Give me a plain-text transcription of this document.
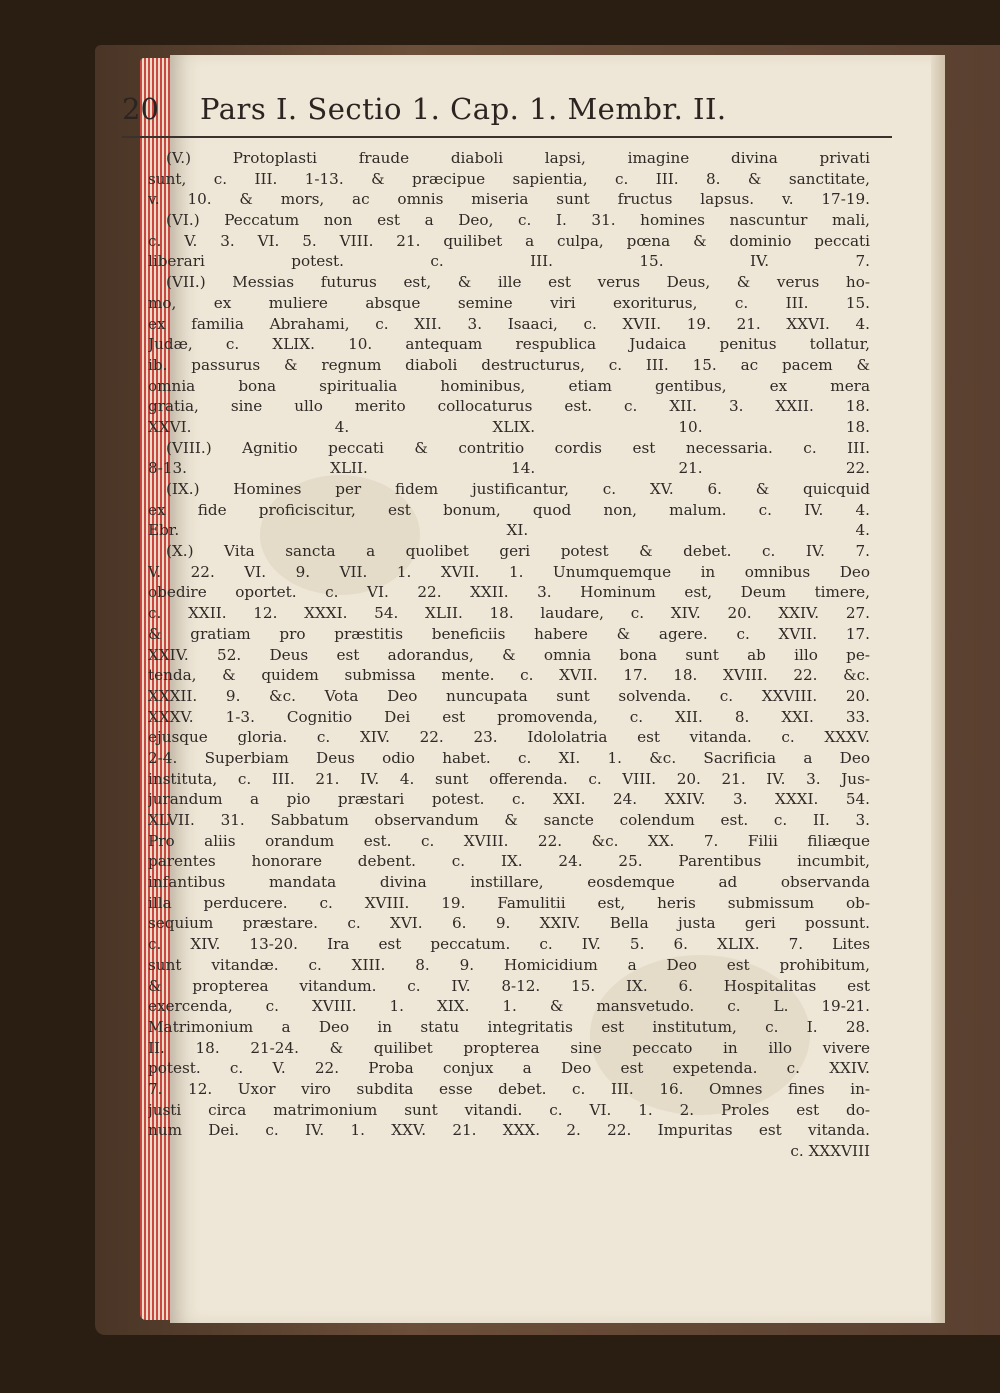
20 Pars I. Sectio 1. Cap. 1. Membr. II.
(V.) Protoplasti fraude diaboli lapsi, imagine divina privati
sunt, c. III. 1-13. & præcipue sapientia, c. III. 8. & sanctitate,
v. 10. & mors, ac omnis miseria sunt fructus lapsus. v. 17-19.
(VI.) Peccatum non est a Deo, c. I. 31. homines nascuntur mali,
c. V. 3. VI. 5. VIII. 21. quilibet a culpa, pœna & dominio peccati
liberari potest. c. III. 15. IV. 7.
(VII.) Messias futurus est, & ille est verus Deus, & verus ho-
mo, ex muliere absque semine viri exoriturus, c. III. 15.
ex familia Abrahami, c. XII. 3. Isaaci, c. XVII. 19. 21. XXVI. 4.
Judæ, c. XLIX. 10. antequam respublica Judaica penitus tollatur,
ib. passurus & regnum diaboli destructurus, c. III. 15. ac pacem &
omnia bona spiritualia hominibus, etiam gentibus, ex mera
gratia, sine ullo merito collocaturus est. c. XII. 3. XXII. 18.
XXVI. 4. XLIX. 10. 18.
(VIII.) Agnitio peccati & contritio cordis est necessaria. c. III.
8-13. XLII. 14. 21. 22.
(IX.) Homines per fidem justificantur, c. XV. 6. & quicquid
ex fide proficiscitur, est bonum, quod non, malum. c. IV. 4.
Ebr. XI. 4.
(X.) Vita sancta a quolibet geri potest & debet. c. IV. 7.
V. 22. VI. 9. VII. 1. XVII. 1. Unumquemque in omnibus Deo
obedire oportet. c. VI. 22. XXII. 3. Hominum est, Deum timere,
c. XXII. 12. XXXI. 54. XLII. 18. laudare, c. XIV. 20. XXIV. 27.
& gratiam pro præstitis beneficiis habere & agere. c. XVII. 17.
XXIV. 52. Deus est adorandus, & omnia bona sunt ab illo pe-
tenda, & quidem submissa mente. c. XVII. 17. 18. XVIII. 22. &c.
XXXII. 9. &c. Vota Deo nuncupata sunt solvenda. c. XXVIII. 20.
XXXV. 1-3. Cognitio Dei est promovenda, c. XII. 8. XXI. 33.
ejusque gloria. c. XIV. 22. 23. Idololatria est vitanda. c. XXXV.
2-4. Superbiam Deus odio habet. c. XI. 1. &c. Sacrificia a Deo
instituta, c. III. 21. IV. 4. sunt offerenda. c. VIII. 20. 21. IV. 3. Jus-
jurandum a pio præstari potest. c. XXI. 24. XXIV. 3. XXXI. 54.
XLVII. 31. Sabbatum observandum & sancte colendum est. c. II. 3.
Pro aliis orandum est. c. XVIII. 22. &c. XX. 7. Filii filiæque
parentes honorare debent. c. IX. 24. 25. Parentibus incumbit,
infantibus mandata divina instillare, eosdemque ad observanda
illa perducere. c. XVIII. 19. Famulitii est, heris submissum ob-
sequium præstare. c. XVI. 6. 9. XXIV. Bella justa geri possunt.
c. XIV. 13-20. Ira est peccatum. c. IV. 5. 6. XLIX. 7. Lites
sunt vitandæ. c. XIII. 8. 9. Homicidium a Deo est prohibitum,
& propterea vitandum. c. IV. 8-12. 15. IX. 6. Hospitalitas est
exercenda, c. XVIII. 1. XIX. 1. & mansvetudo. c. L. 19-21.
Matrimonium a Deo in statu integritatis est institutum, c. I. 28.
II. 18. 21-24. & quilibet propterea sine peccato in illo vivere
potest. c. V. 22. Proba conjux a Deo est expetenda. c. XXIV.
7. 12. Uxor viro subdita esse debet. c. III. 16. Omnes fines in-
justi circa matrimonium sunt vitandi. c. VI. 1. 2. Proles est do-
num Dei. c. IV. 1. XXV. 21. XXX. 2. 22. Impuritas est vitanda.
c. XXXVIII
